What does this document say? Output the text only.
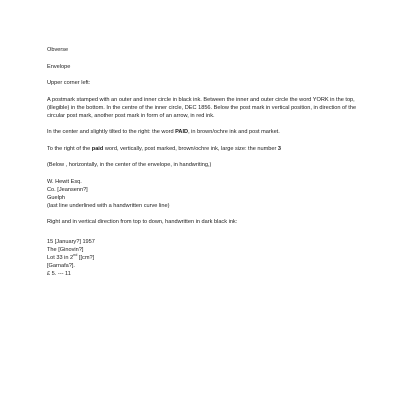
Obverse

Envelope

Upper corner left:

A postmark stamped with an outer and inner circle in black ink. Between the inner and outer circle the word YORK in the top, (illegible) in the bottom. In the centre of the inner circle, DEC 1856. Below the post mark in vertical position, in direction of the circular post mark, another post mark in form of an arrow, in red ink.

In the center and slightly tilted to the right: the word PAID, in brown/ochre ink and post market.

To the right of the paid word, vertically, post marked, brown/ochre ink, large size: the number 3

(Below , horizontally, in the center of the envelope, in handwriting,)

W. Hewit Esq.

Co. [Jeansenn?]

Guelph

(last line underlined with a handwritten curve line)

Right and in vertical direction from top to down, handwritten in dark black ink:

15 [January?] 1957

The [Ginovin?]

Lot 33 in 2nd [[cm?]

[Garnafa?].

£ 5. --- 11
